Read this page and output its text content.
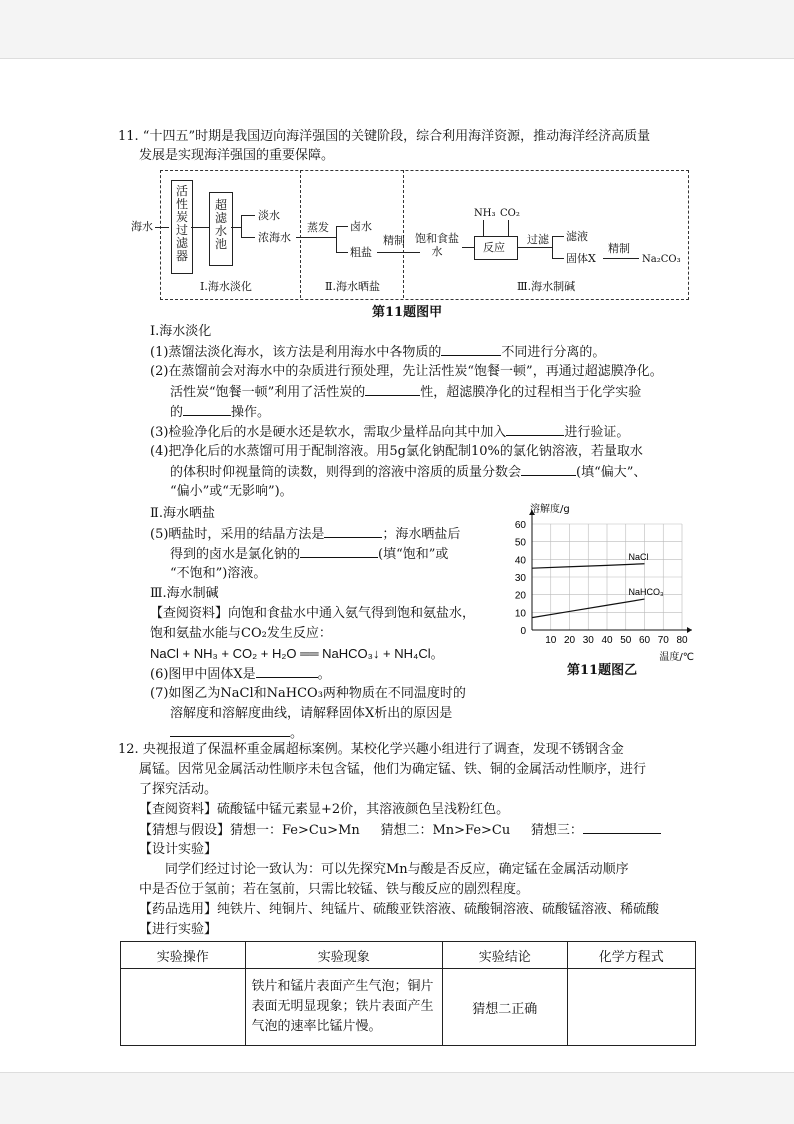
11. “十四五”时期是我国迈向海洋强国的关键阶段，综合利用海洋资源，推动海洋经济高质量
发展是实现海洋强国的重要保障。
海水
活性炭过滤器
超滤水池
淡水
浓海水
蒸发 卤水
粗盐
精制 饱和食盐水
NH₃ CO₂
反应
过滤 滤液
固体X
精制
Na₂CO₃
Ⅰ.海水淡化	Ⅱ.海水晒盐	Ⅲ.海水制碱
第11题图甲
Ⅰ.海水淡化
(1)蒸馏法淡化海水，该方法是利用海水中各物质的	不同进行分离的。
(2)在蒸馏前会对海水中的杂质进行预处理，先让活性炭“饱餐一顿”，再通过超滤膜净化。
活性炭“饱餐一顿”利用了活性炭的	性，超滤膜净化的过程相当于化学实验
的	操作。
(3)检验净化后的水是硬水还是软水，需取少量样品向其中加入	进行验证。
(4)把净化后的水蒸馏可用于配制溶液。用5g氯化钠配制10%的氯化钠溶液，若量取水
的体积时仰视量筒的读数，则得到的溶液中溶质的质量分数会	(填“偏大”、
“偏小”或“无影响”)。
Ⅱ.海水晒盐
(5)晒盐时，采用的结晶方法是	；海水晒盐后
得到的卤水是氯化钠的	(填“饱和”或
“不饱和”)溶液。
Ⅲ.海水制碱
【查阅资料】向饱和食盐水中通入氨气得到饱和氨盐水，
饱和氨盐水能与CO₂发生反应：
NaCl + NH₃ + CO₂ + H₂O ══ NaHCO₃↓ + NH₄Cl。
(6)图甲中固体X是	。
(7)如图乙为NaCl和NaHCO₃两种物质在不同温度时的
溶解度和溶解度曲线，请解释固体X析出的原因是
。
0
10
20
30
40
50
60
10 20 30 40 50 60 70 80
溶解度/g
温度/℃
NaCl
NaHCO₃
第11题图乙
12. 央视报道了保温杯重金属超标案例。某校化学兴趣小组进行了调查，发现不锈钢含金
属锰。因常见金属活动性顺序未包含锰，他们为确定锰、铁、铜的金属活动性顺序，进行
了探究活动。
【查阅资料】硫酸锰中锰元素显+2价，其溶液颜色呈浅粉红色。
【猜想与假设】猜想一：Fe>Cu>Mn     猜想二：Mn>Fe>Cu     猜想三：
【设计实验】
同学们经过讨论一致认为：可以先探究Mn与酸是否反应，确定锰在金属活动顺序
中是否位于氢前；若在氢前，只需比较锰、铁与酸反应的剧烈程度。
【药品选用】纯铁片、纯铜片、纯锰片、硫酸亚铁溶液、硫酸铜溶液、硫酸锰溶液、稀硫酸
【进行实验】
实验操作	实验现象	实验结论	化学方程式
	铁片和锰片表面产生气泡；铜片表面无明显现象；铁片表面产生气泡的速率比锰片慢。	猜想二正确	
